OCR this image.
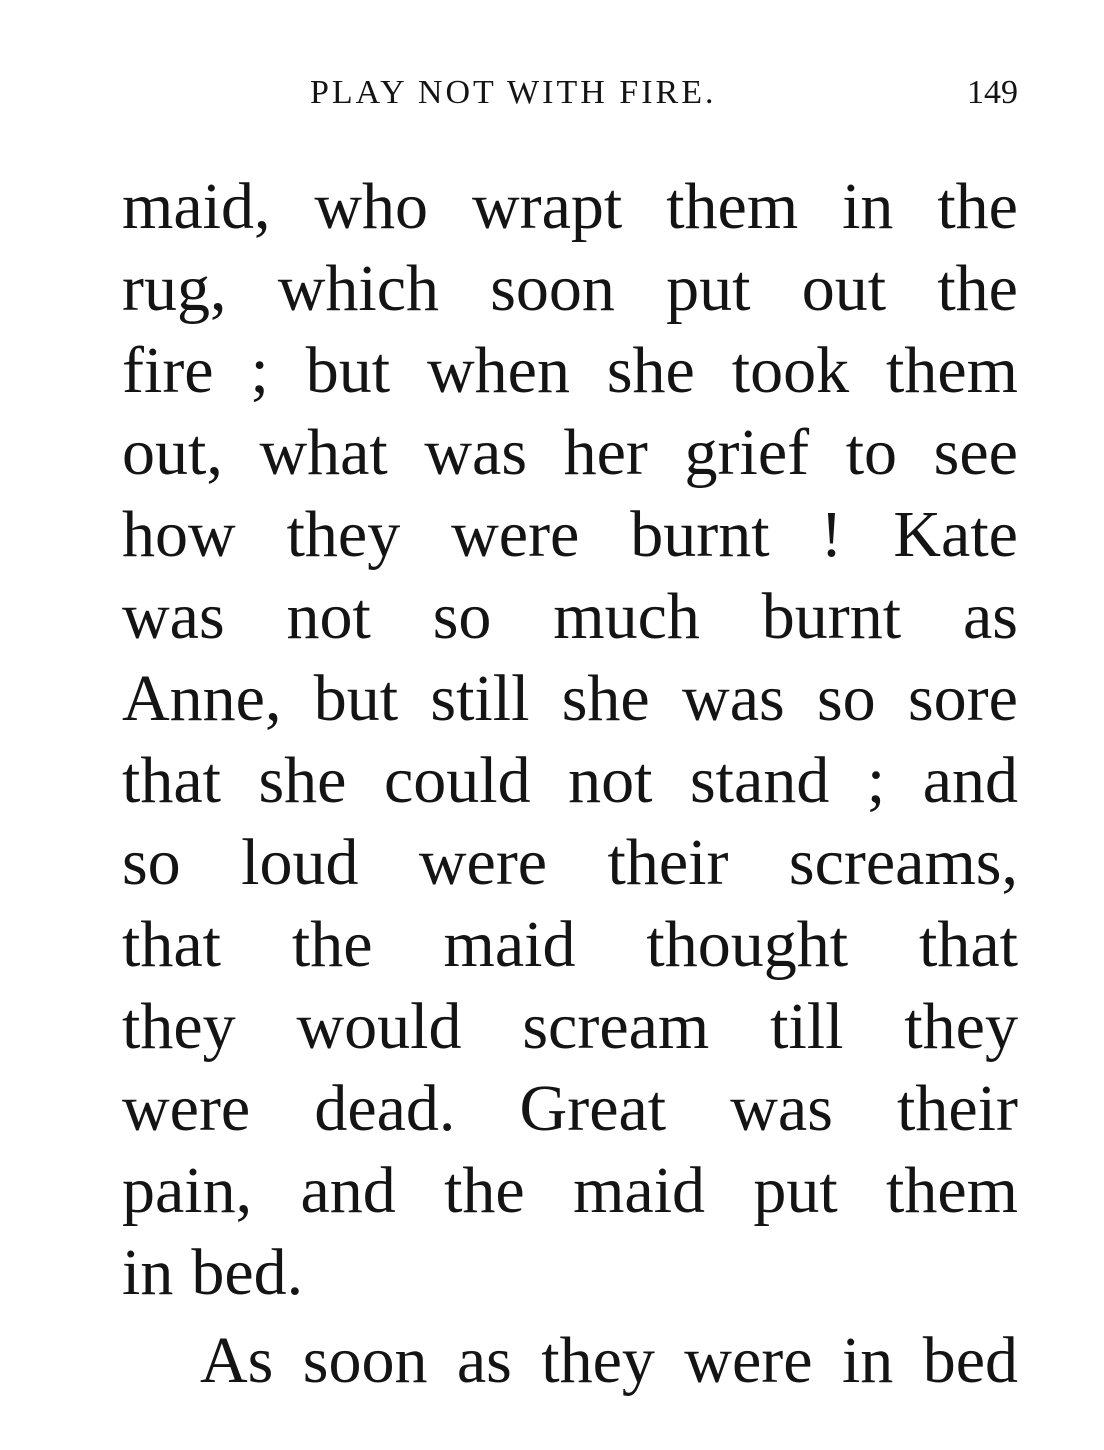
PLAY NOT WITH FIRE.	149
maid, who wrapt them in the
rug, which soon put out the
fire ; but when she took them
out, what was her grief to see
how they were burnt ! Kate
was not so much burnt as
Anne, but still she was so sore
that she could not stand ; and
so loud were their screams,
that the maid thought that
they would scream till they
were dead. Great was their
pain, and the maid put them
in bed.
As soon as they were in bed
